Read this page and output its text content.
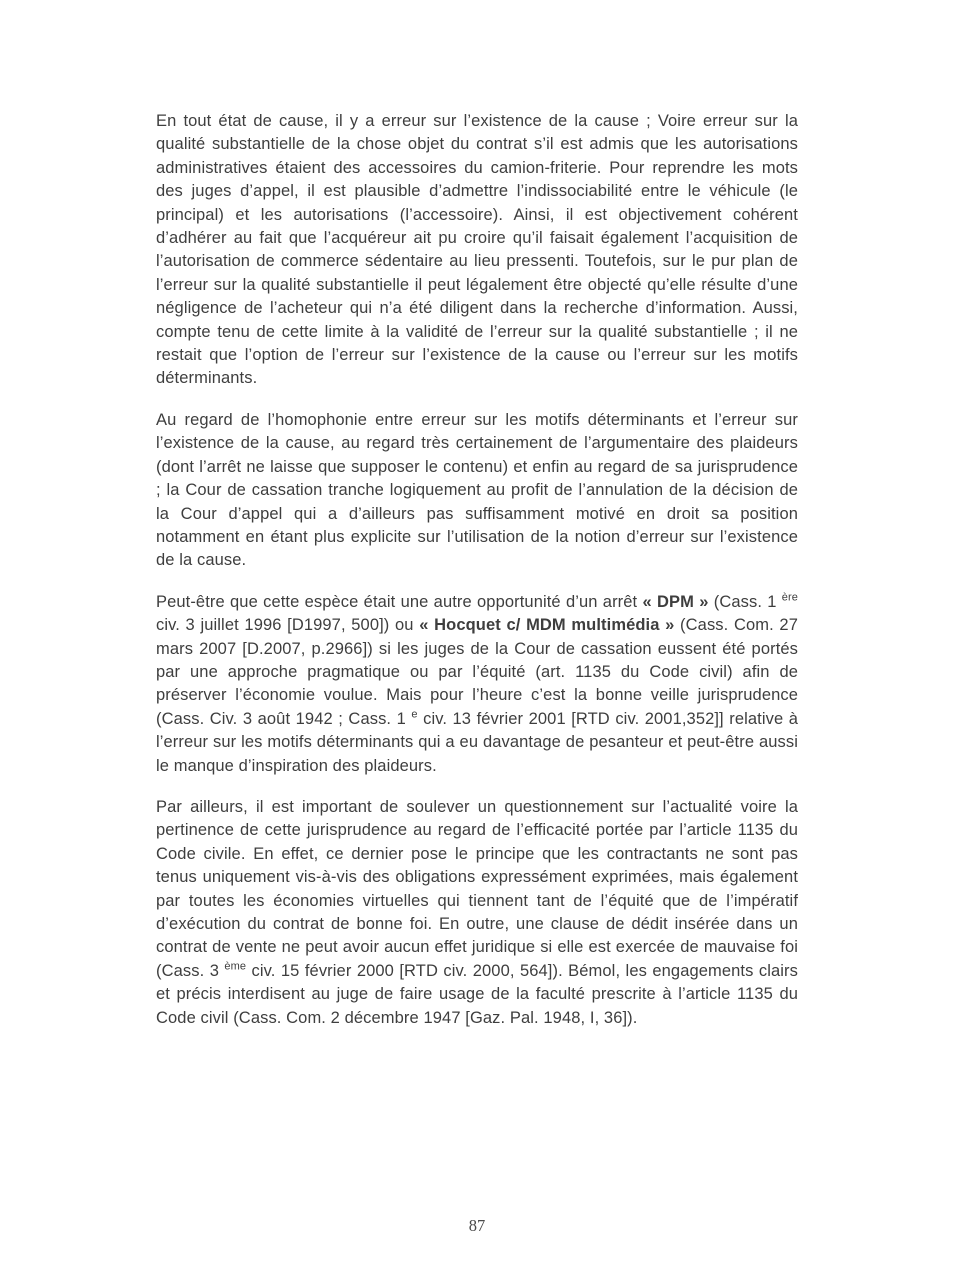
En tout état de cause, il y a erreur sur l’existence de la cause ; Voire erreur sur la qualité substantielle de la chose objet du contrat s’il est admis que les autorisations administratives étaient des accessoires du camion-friterie. Pour reprendre les mots des juges d’appel, il est plausible d’admettre l’indissociabilité entre le véhicule (le principal) et les autorisations (l’accessoire). Ainsi, il est objectivement cohérent d’adhérer au fait que l’acquéreur ait pu croire qu’il faisait également l’acquisition de l’autorisation de commerce sédentaire au lieu pressenti. Toutefois, sur le pur plan de l’erreur sur la qualité substantielle il peut légalement être objecté qu’elle résulte d’une négligence de l’acheteur qui n’a été diligent dans la recherche d’information. Aussi, compte tenu de cette limite à la validité de l’erreur sur la qualité substantielle ; il ne restait que l’option de l’erreur sur l’existence de la cause ou l’erreur sur les motifs déterminants.

Au regard de l’homophonie entre erreur sur les motifs déterminants et l’erreur sur l’existence de la cause, au regard très certainement de l’argumentaire des plaideurs (dont l’arrêt ne laisse que supposer le contenu) et enfin au regard de sa jurisprudence ; la Cour de cassation tranche logiquement au profit de l’annulation de la décision de la Cour d’appel qui a d’ailleurs pas suffisamment motivé en droit sa position notamment en étant plus explicite sur l’utilisation de la notion d’erreur sur l’existence de la cause.

Peut-être que cette espèce était une autre opportunité d’un arrêt « DPM » (Cass. 1 $^{ère}$ civ. 3 juillet 1996 [D1997, 500]) ou « Hocquet c/ MDM multimédia » (Cass. Com. 27 mars 2007 [D.2007, p.2966]) si les juges de la Cour de cassation eussent été portés par une approche pragmatique ou par l’équité (art. 1135 du Code civil) afin de préserver l’économie voulue. Mais pour l’heure c’est la bonne veille jurisprudence (Cass. Civ. 3 août 1942 ; Cass. 1 $^e$ civ. 13 février 2001 [RTD civ. 2001,352]] relative à l’erreur sur les motifs déterminants qui a eu davantage de pesanteur et peut-être aussi le manque d’inspiration des plaideurs.

Par ailleurs, il est important de soulever un questionnement sur l’actualité voire la pertinence de cette jurisprudence au regard de l’efficacité portée par l’article 1135 du Code civile. En effet, ce dernier pose le principe que les contractants ne sont pas tenus uniquement vis-à-vis des obligations expressément exprimées, mais également par toutes les économies virtuelles qui tiennent tant de l’équité que de l’impératif d’exécution du contrat de bonne foi. En outre, une clause de dédit insérée dans un contrat de vente ne peut avoir aucun effet juridique si elle est exercée de mauvaise foi (Cass. 3 $^{ème}$ civ. 15 février 2000 [RTD civ. 2000, 564]). Bémol, les engagements clairs et précis interdisent au juge de faire usage de la faculté prescrite à l’article 1135 du Code civil (Cass. Com. 2 décembre 1947 [Gaz. Pal. 1948, I, 36]).

87
